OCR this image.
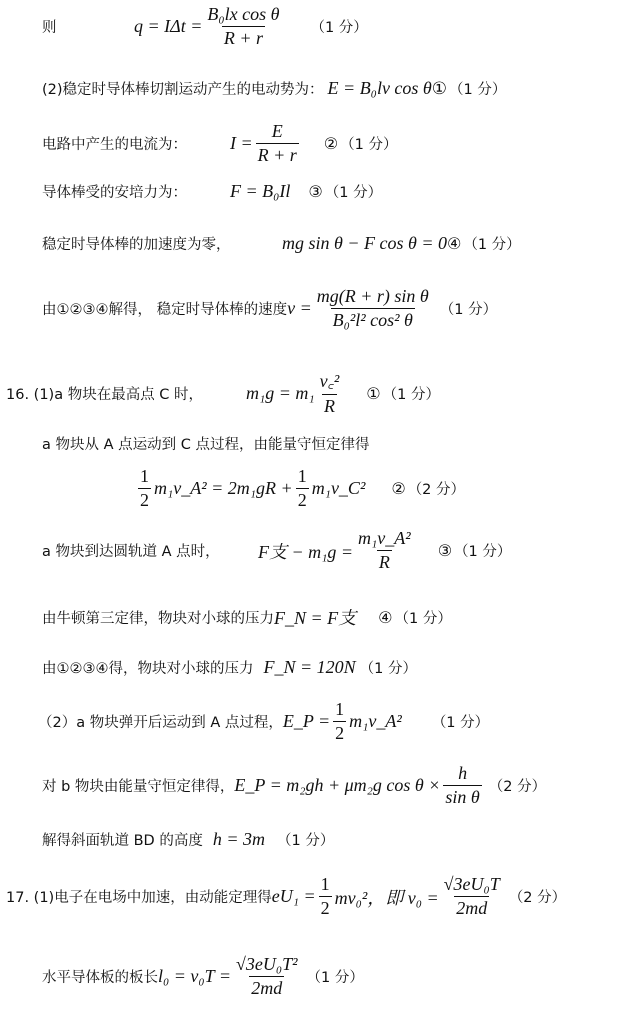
则	$q = I\Delta t = \frac{\text{B₀lx cos θ}}{R + r} (1$ 分）
(2)稳定时导体棒切割运动产生的电动势为： E = B₀lv cos θ ① （1 分）
电路中产生的电流为：	$I = \frac{E}{R + r}$ ② （1 分）
导体棒受的安培力为：	F = B₀Il ③ （1 分）
稳定时导体棒的加速度为零，	mg sin θ − F cos θ = 0 ④ （1 分）
由①②③④解得， 稳定时导体棒的速度 $v = \frac{\text{mg(R + r) sin θ}}{\text{B₀²l² cos² θ}} (1$ 分）
16. (1)a 物块在最高点 C 时，	$m_1g = m_1 \frac{\text{v꜀²}}{R}$ ① （1 分）
a 物块从 A 点运动到 C 点过程，由能量守恒定律得
$\frac{1}{2}$ m₁v_A² = $2m_1gR + \frac{1}{2}$ m₁v_C² ② （2 分）
a 物块到达圆轨道 A 点时，	F支 − $m_1g = \frac{\text{m₁v\_A²}}{R}$ ③ （1 分）
由牛顿第三定律，物块对小球的压力 F_N = F支 ④ （1 分）
由①②③④得，物块对小球的压力 F_N = 120N （1 分）
（2）a 物块弹开后运动到 A 点过程， E_P = $\frac{1}{2}$ m₁v_A² （1 分）
对 b 物块由能量守恒定律得， E_P = m₂gh + μm₂g $\cos \theta \times \frac{h}{\text{sin θ}} (2$ 分）
解得斜面轨道 BD 的高度 h = 3m （1 分）
17. (1)电子在电场中加速，由动能定理得 $eU_1 = \frac{1}{2} mv_0^2$，即 $v_0 = \frac{\text{√3eU₀T}}{2md} (2$ 分）
水平导体板的板长 $l_0 = v_0T = \frac{\text{√3eU₀T²}}{2md} (1$ 分）
